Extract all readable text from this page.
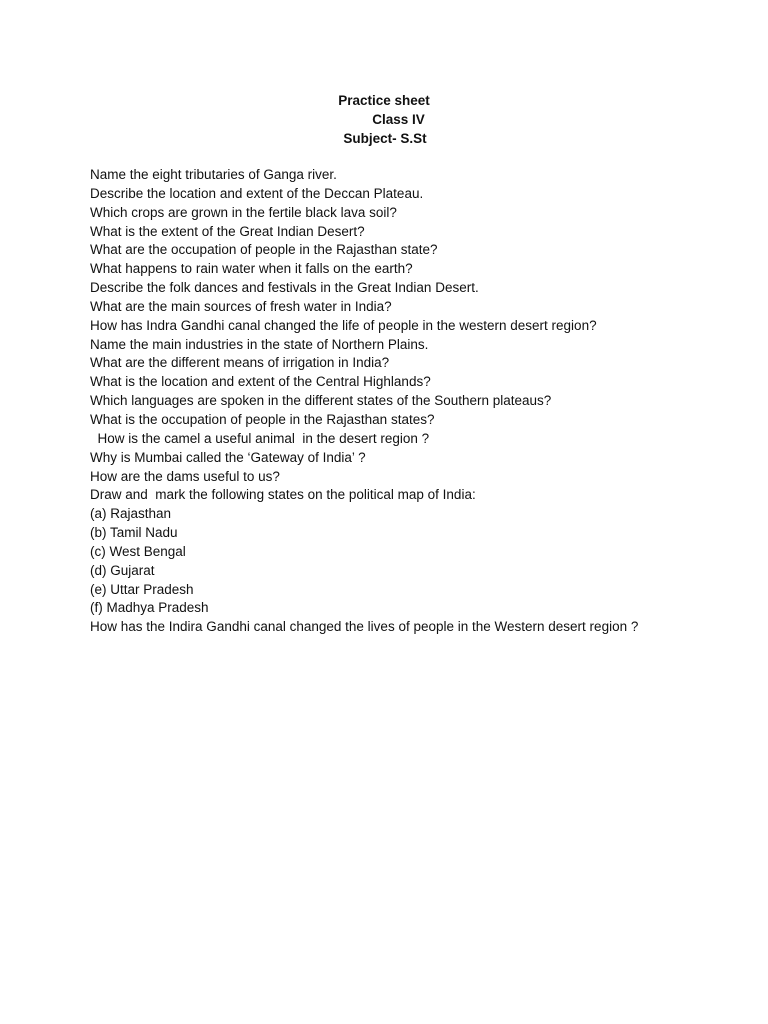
Practice sheet
Class IV
Subject- S.St
Name the eight tributaries of Ganga river.
Describe the location and extent of the Deccan Plateau.
Which crops are grown in the fertile black lava soil?
What is the extent of the Great Indian Desert?
What are the occupation of people in the Rajasthan state?
What happens to rain water when it falls on the earth?
Describe the folk dances and festivals in the Great Indian Desert.
What are the main sources of fresh water in India?
How has Indra Gandhi canal changed the life of people in the western desert region?
Name the main industries in the state of Northern Plains.
What are the different means of irrigation in India?
What is the location and extent of the Central Highlands?
Which languages are spoken in the different states of the Southern plateaus?
What is the occupation of people in the Rajasthan states?
How is the camel a useful animal  in the desert region ?
Why is Mumbai called the ‘Gateway of India’ ?
How are the dams useful to us?
Draw and  mark the following states on the political map of India:
(a) Rajasthan
(b) Tamil Nadu
(c) West Bengal
(d) Gujarat
(e) Uttar Pradesh
(f) Madhya Pradesh
How has the Indira Gandhi canal changed the lives of people in the Western desert region ?
